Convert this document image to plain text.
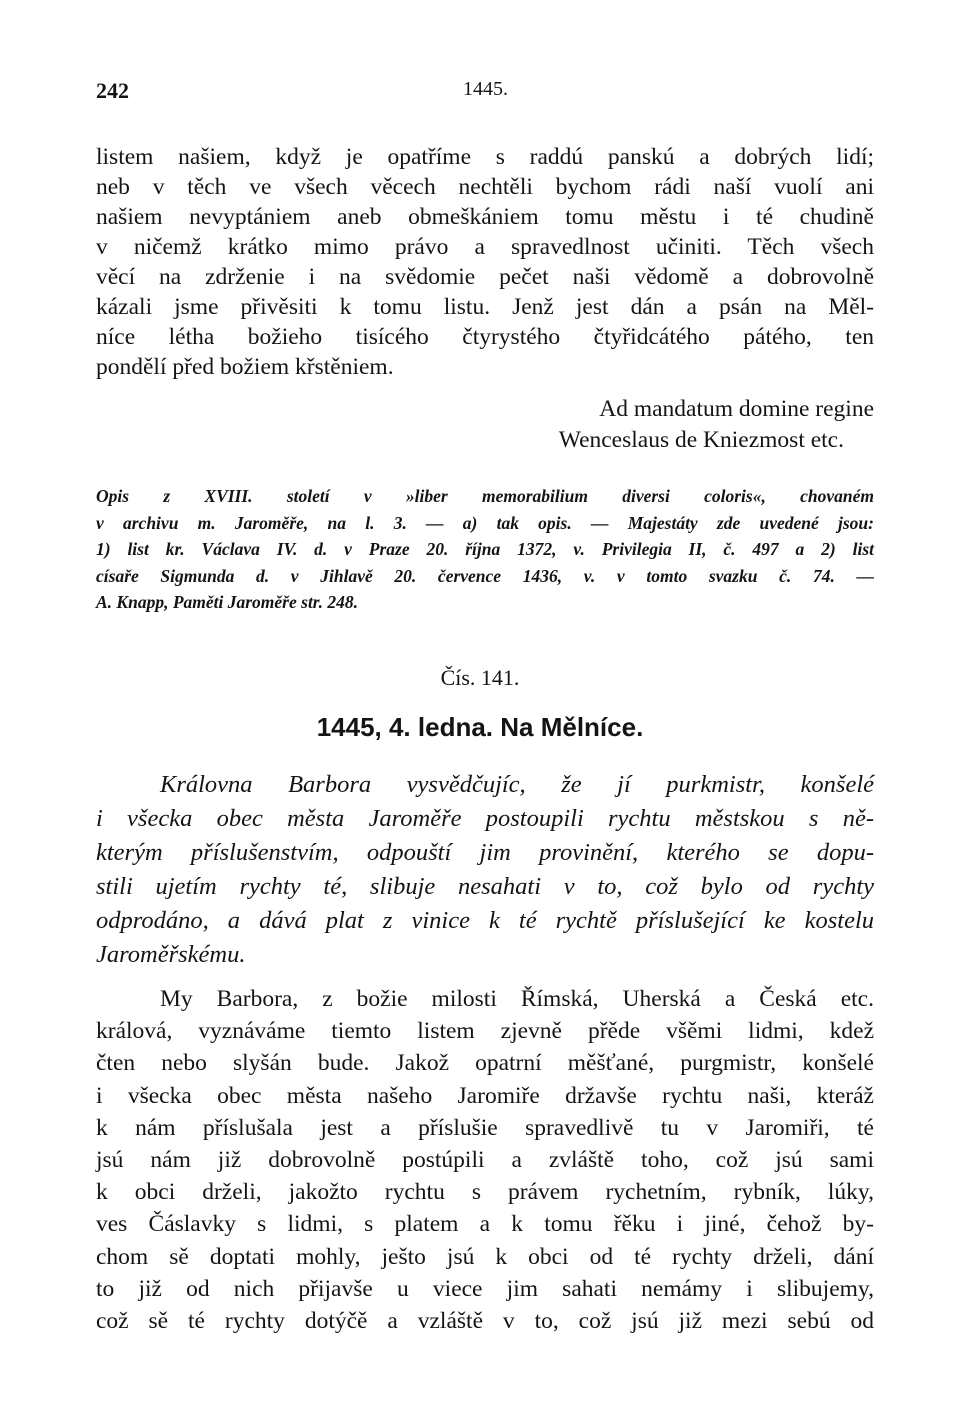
242	1445.
listem našiem, když je opatříme s raddú panskú a dobrých lidí;
neb v těch ve všech věcech nechtěli bychom rádi naší vuolí ani
našiem nevyptániem aneb obmeškániem tomu městu i té chudině
v ničemž krátko mimo právo a spravedlnost učiniti. Těch všech
věcí na zdrženie i na svědomie pečet naši vědomě a dobrovolně
kázali jsme přivěsiti k tomu listu. Jenž jest dán a psán na Měl-
níce létha božieho tisícého čtyrystého čtyřidcátého pátého, ten
pondělí před božiem křstěniem.
Ad mandatum domine regine
Wenceslaus de Kniezmost etc.
Opis z XVIII. století v »liber memorabilium diversi coloris«, chovaném
v archivu m. Jaroměře, na l. 3. — a) tak opis. — Majestáty zde uvedené jsou:
1) list kr. Václava IV. d. v Praze 20. října 1372, v. Privilegia II, č. 497 a 2) list
císaře Sigmunda d. v Jihlavě 20. července 1436, v. v tomto svazku č. 74. —
A. Knapp, Paměti Jaroměře str. 248.
Čís. 141.
1445, 4. ledna. Na Mělníce.
Královna Barbora vysvědčujíc, že jí purkmistr, konšelé
i všecka obec města Jaroměře postoupili rychtu městskou s ně-
kterým příslušenstvím, odpouští jim provinění, kterého se dopu-
stili ujetím rychty té, slibuje nesahati v to, což bylo od rychty
odprodáno, a dává plat z vinice k té rychtě příslušející ke kostelu
Jaroměřskému.
My Barbora, z božie milosti Římská, Uherská a Česká etc.
králová, vyznáváme tiemto listem zjevně přěde všěmi lidmi, kdež
čten nebo slyšán bude. Jakož opatrní měšťané, purgmistr, konšelé
i všecka obec města našeho Jaromiře državše rychtu naši, kteráž
k nám příslušala jest a příslušie spravedlivě tu v Jaromiři, té
jsú nám již dobrovolně postúpili a zvláště toho, což jsú sami
k obci drželi, jakožto rychtu s právem rychetním, rybník, lúky,
ves Čáslavky s lidmi, s platem a k tomu řěku i jiné, čehož by-
chom sě doptati mohly, ješto jsú k obci od té rychty drželi, dání
to již od nich přijavše u viece jim sahati nemámy i slibujemy,
což sě té rychty dotýčě a vzláště v to, což jsú již mezi sebú od
